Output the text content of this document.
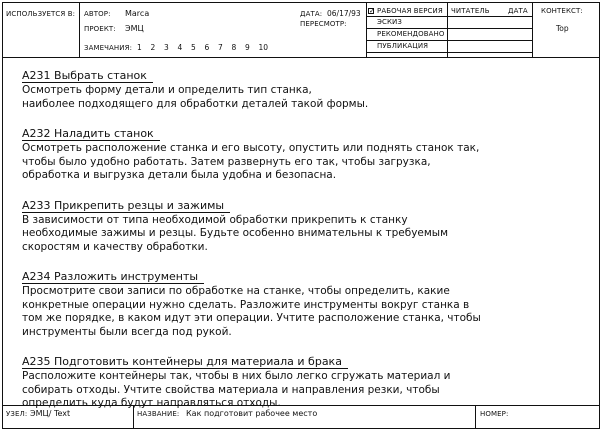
ИСПОЛЬЗУЕТСЯ В: АВТОР: Marca
ПРОЕКТ: ЭМЦ
ЗАМЕЧАНИЯ: 1 2 3 4 5 6 7 8 9 10
ДАТА: 06/17/93
ПЕРЕСМОТР:
✓ РАБОЧАЯ ВЕРСИЯ
ЭСКИЗ
РЕКОМЕНДОВАНО
ПУБЛИКАЦИЯ
ЧИТАТЕЛЬ	ДАТА КОНТЕКСТ:
Top
A231 Выбрать станок
Осмотреть форму детали и определить тип станка,
наиболее подходящего для обработки деталей такой формы.
A232 Наладить станок
Осмотреть расположение станка и его высоту, опустить или поднять станок так,
чтобы было удобно работать. Затем развернуть его так, чтобы загрузка,
обработка и выгрузка детали была удобна и безопасна.
A233 Прикрепить резцы и зажимы
В зависимости от типа необходимой обработки прикрепить к станку
необходимые зажимы и резцы. Будьте особенно внимательны к требуемым
скоростям и качеству обработки.
A234 Разложить инструменты
Просмотрите свои записи по обработке на станке, чтобы определить, какие
конкретные операции нужно сделать. Разложите инструменты вокруг станка в
том же порядке, в каком идут эти операции. Учтите расположение станка, чтобы
инструменты были всегда под рукой.
A235 Подготовить контейнеры для материала и брака
Расположите контейнеры так, чтобы в них было легко сгружать материал и
собирать отходы. Учтите свойства материала и направления резки, чтобы
определить куда будут направляться отходы.
УЗЕЛ: ЭМЦ/ Text	НАЗВАНИЕ: Как подготовит рабочее место	НОМЕР:
